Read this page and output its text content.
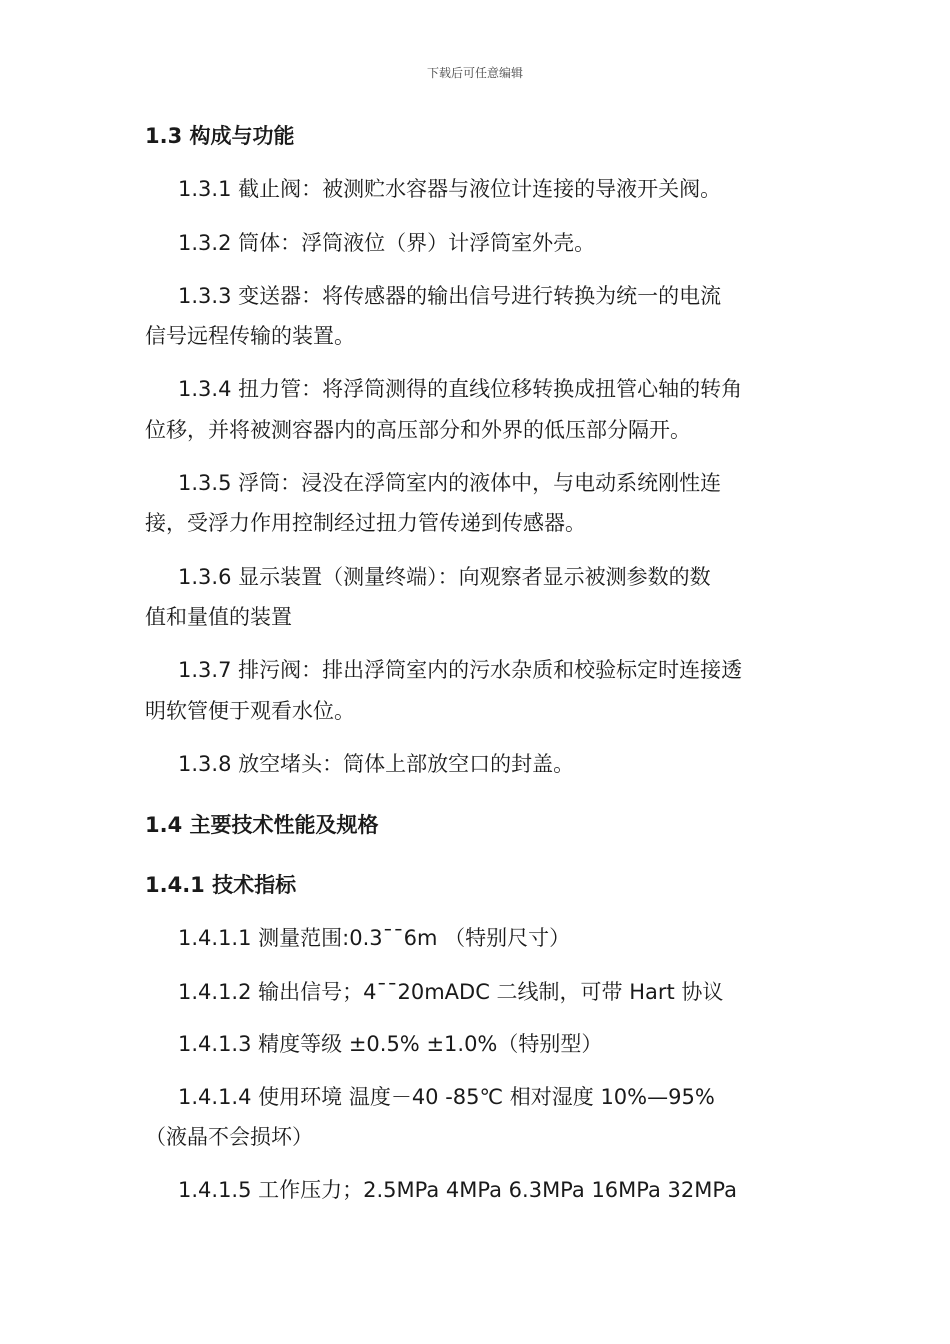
下载后可任意编辑
1.3 构成与功能
1.3.1 截止阀：被测贮水容器与液位计连接的导液开关阀。
1.3.2 筒体：浮筒液位（界）计浮筒室外壳。
1.3.3 变送器：将传感器的输出信号进行转换为统一的电流
信号远程传输的装置。
1.3.4 扭力管：将浮筒测得的直线位移转换成扭管心轴的转角
位移，并将被测容器内的高压部分和外界的低压部分隔开。
1.3.5 浮筒：浸没在浮筒室内的液体中，与电动系统刚性连
接，受浮力作用控制经过扭力管传递到传感器。
1.3.6 显示装置（测量终端）：向观察者显示被测参数的数
值和量值的装置
1.3.7 排污阀：排出浮筒室内的污水杂质和校验标定时连接透
明软管便于观看水位。
1.3.8 放空堵头：筒体上部放空口的封盖。
1.4 主要技术性能及规格
1.4.1 技术指标
1.4.1.1 测量范围:0.3¯¯6m （特别尺寸）
1.4.1.2 输出信号；4¯¯20mADC 二线制，可带 Hart 协议
1.4.1.3 精度等级 ±0.5% ±1.0%（特别型）
1.4.1.4 使用环境 温度－40 -85℃ 相对湿度 10%—95%
（液晶不会损坏）
1.4.1.5 工作压力；2.5MPa 4MPa 6.3MPa 16MPa 32MPa
